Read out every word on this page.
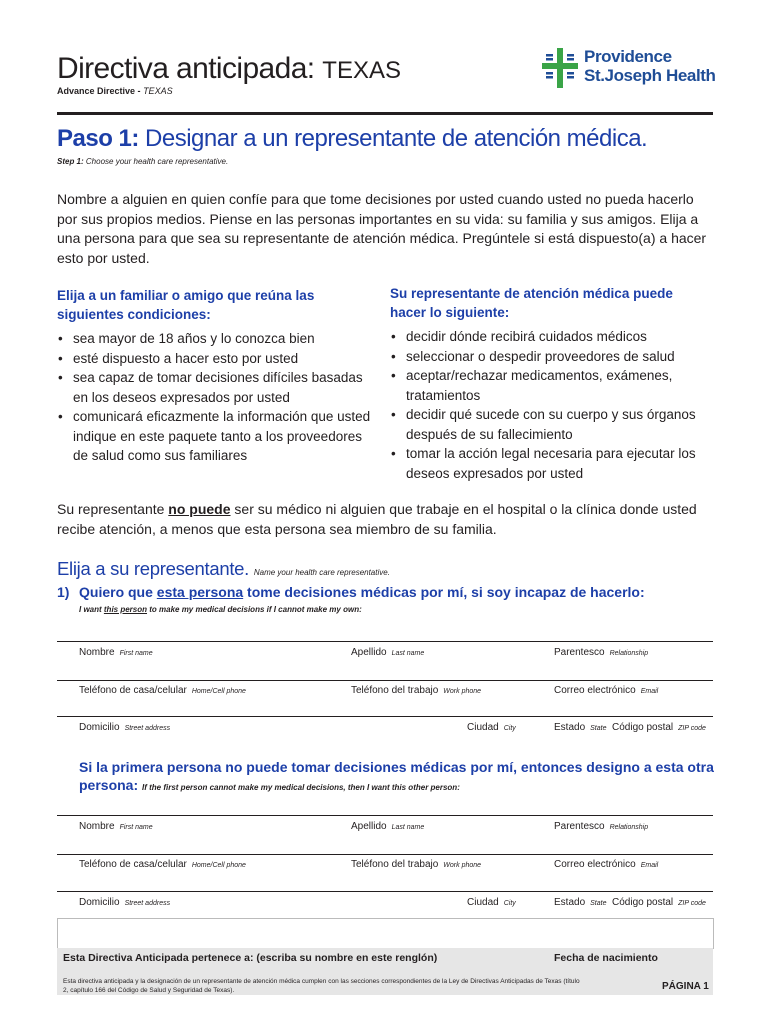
Directiva anticipada: TEXAS
Advance Directive - TEXAS
Providence
St.Joseph Health
Paso 1: Designar a un representante de atención médica.
Step 1: Choose your health care representative.
Nombre a alguien en quien confíe para que tome decisiones por usted cuando usted no pueda hacerlo por sus propios medios. Piense en las personas importantes en su vida: su familia y sus amigos. Elija a una persona para que sea su representante de atención médica. Pregúntele si está dispuesto(a) a hacer esto por usted.
Elija a un familiar o amigo que reúna las siguientes condiciones:
• sea mayor de 18 años y lo conozca bien
• esté dispuesto a hacer esto por usted
• sea capaz de tomar decisiones difíciles basadas en los deseos expresados por usted
• comunicará eficazmente la información que usted indique en este paquete tanto a los proveedores de salud como sus familiares
Su representante de atención médica puede hacer lo siguiente:
• decidir dónde recibirá cuidados médicos
• seleccionar o despedir proveedores de salud
• aceptar/rechazar medicamentos, exámenes, tratamientos
• decidir qué sucede con su cuerpo y sus órganos después de su fallecimiento
• tomar la acción legal necesaria para ejecutar los deseos expresados por usted
Su representante no puede ser su médico ni alguien que trabaje en el hospital o la clínica donde usted recibe atención, a menos que esta persona sea miembro de su familia.
Elija a su representante. Name your health care representative.
1) Quiero que esta persona tome decisiones médicas por mí, si soy incapaz de hacerlo:
I want this person to make my medical decisions if I cannot make my own:
Nombre First name	Apellido Last name	Parentesco Relationship
Teléfono de casa/celular Home/Cell phone	Teléfono del trabajo Work phone	Correo electrónico Email
Domicilio Street address	Ciudad City	Estado State Código postal ZIP code
Si la primera persona no puede tomar decisiones médicas por mí, entonces designo a esta otra persona: If the first person cannot make my medical decisions, then I want this other person:
Nombre First name	Apellido Last name	Parentesco Relationship
Teléfono de casa/celular Home/Cell phone	Teléfono del trabajo Work phone	Correo electrónico Email
Domicilio Street address	Ciudad City	Estado State Código postal ZIP code
Esta Directiva Anticipada pertenece a: (escriba su nombre en este renglón)	Fecha de nacimiento
Esta directiva anticipada y la designación de un representante de atención médica cumplen con las secciones correspondientes de la Ley de Directivas Anticipadas de Texas (título 2, capítulo 166 del Código de Salud y Seguridad de Texas).	PÁGINA 1
